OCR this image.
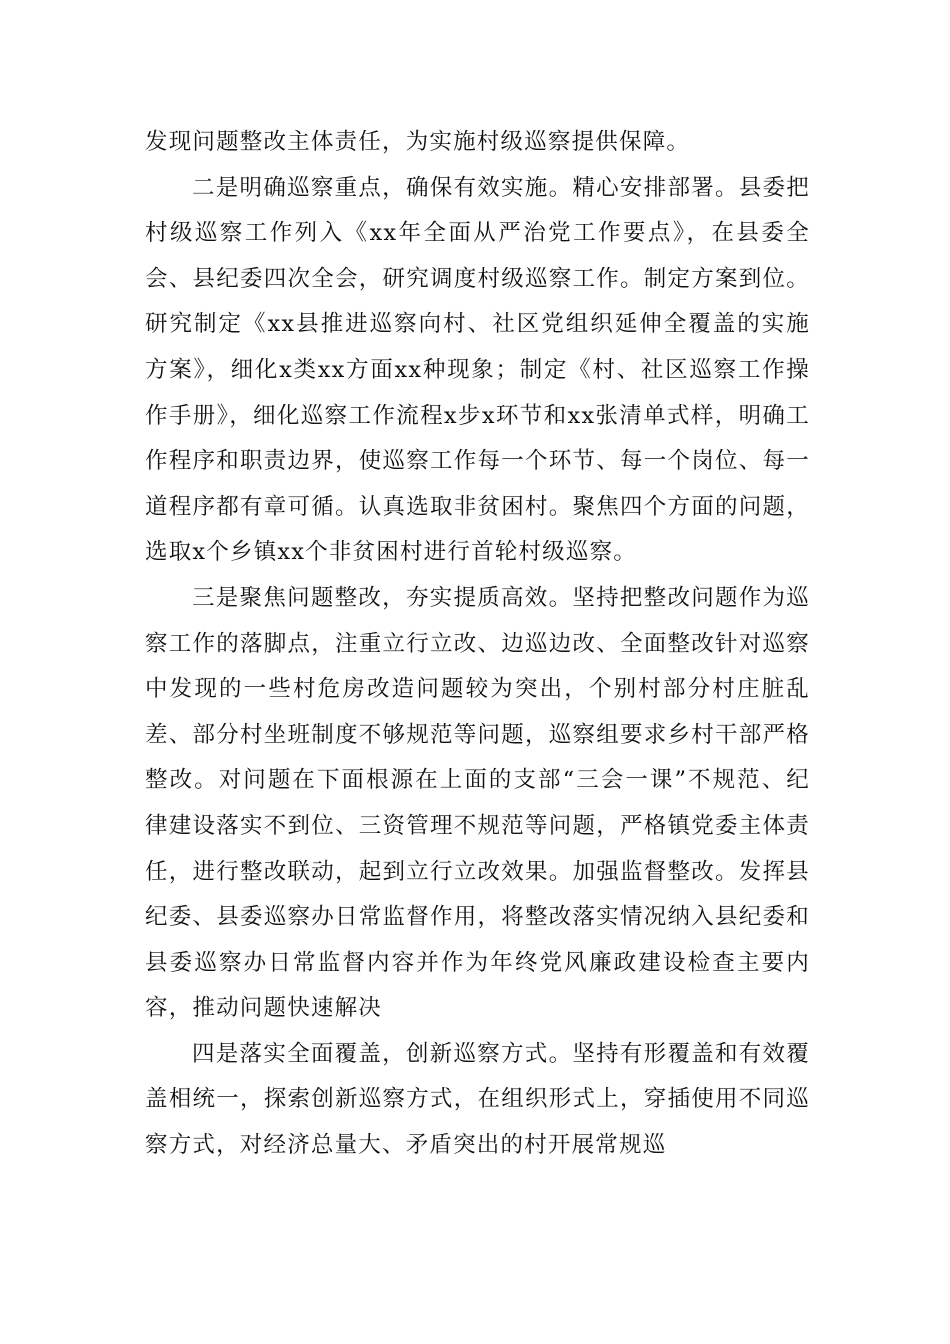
发现问题整改主体责任，为实施村级巡察提供保障。

二是明确巡察重点，确保有效实施。精心安排部署。县委把村级巡察工作列入《xx年全面从严治党工作要点》，在县委全会、县纪委四次全会，研究调度村级巡察工作。制定方案到位。研究制定《xx县推进巡察向村、社区党组织延伸全覆盖的实施方案》，细化x类xx方面xx种现象；制定《村、社区巡察工作操作手册》，细化巡察工作流程x步x环节和xx张清单式样，明确工作程序和职责边界，使巡察工作每一个环节、每一个岗位、每一道程序都有章可循。认真选取非贫困村。聚焦四个方面的问题，选取x个乡镇xx个非贫困村进行首轮村级巡察。

三是聚焦问题整改，夯实提质高效。坚持把整改问题作为巡察工作的落脚点，注重立行立改、边巡边改、全面整改针对巡察中发现的一些村危房改造问题较为突出，个别村部分村庄脏乱差、部分村坐班制度不够规范等问题，巡察组要求乡村干部严格整改。对问题在下面根源在上面的支部“三会一课”不规范、纪律建设落实不到位、三资管理不规范等问题，严格镇党委主体责任，进行整改联动，起到立行立改效果。加强监督整改。发挥县纪委、县委巡察办日常监督作用，将整改落实情况纳入县纪委和县委巡察办日常监督内容并作为年终党风廉政建设检查主要内容，推动问题快速解决

四是落实全面覆盖，创新巡察方式。坚持有形覆盖和有效覆盖相统一，探索创新巡察方式，在组织形式上，穿插使用不同巡察方式，对经济总量大、矛盾突出的村开展常规巡
